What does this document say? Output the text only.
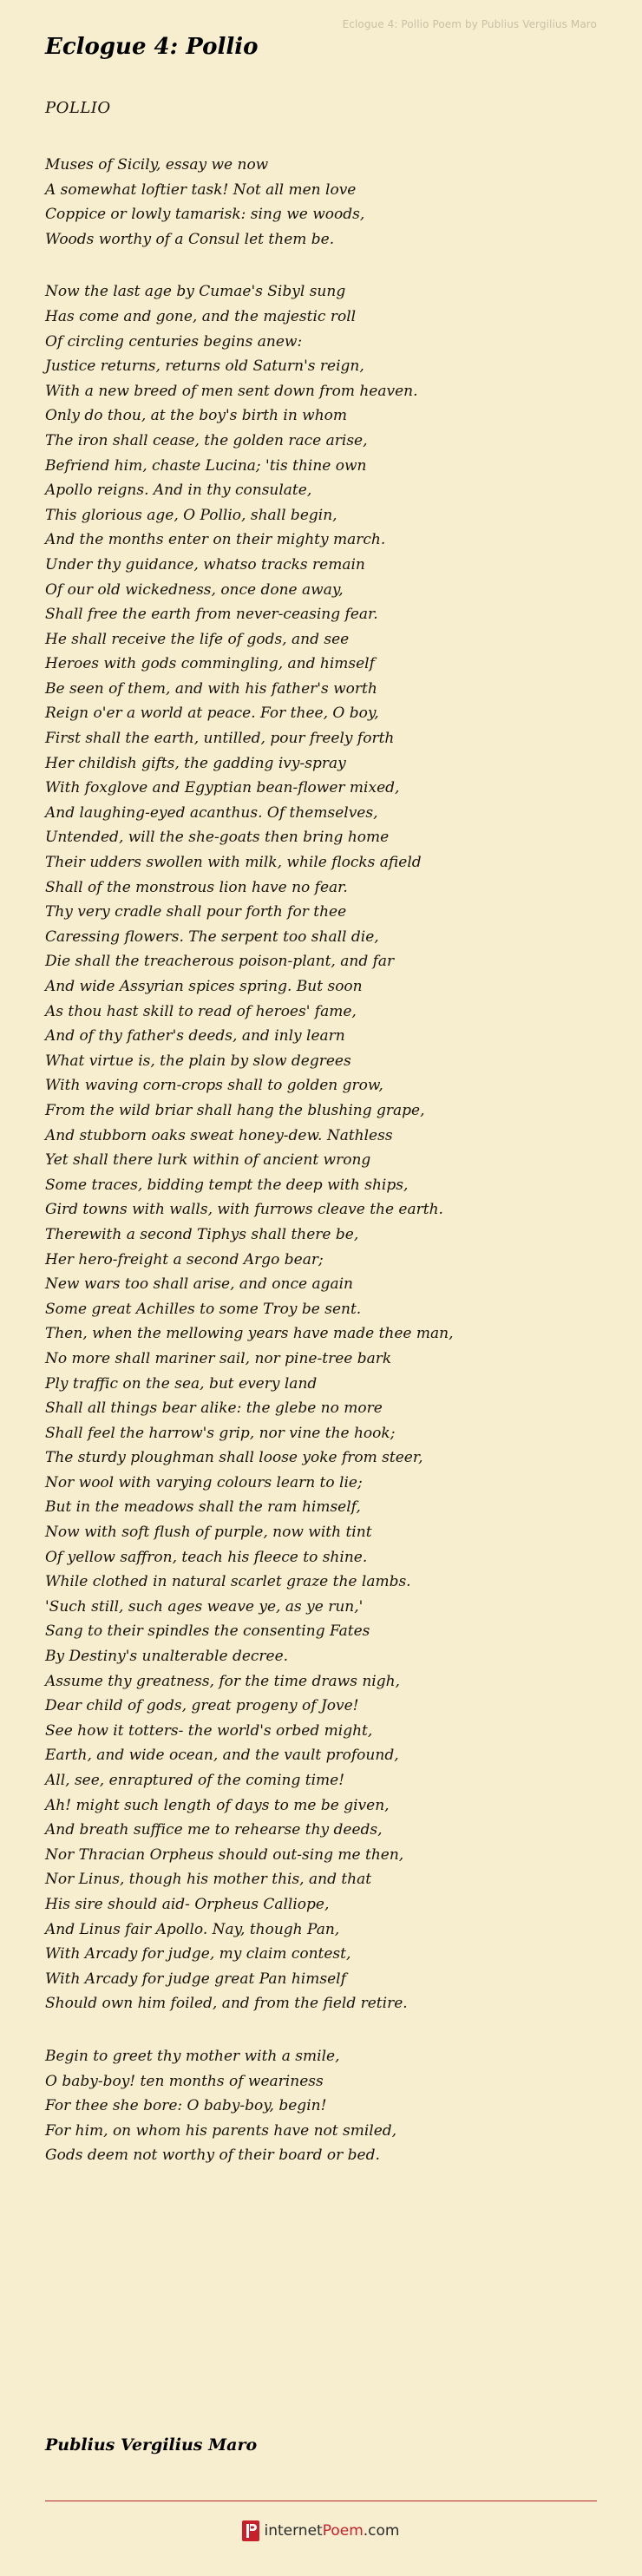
Eclogue 4: Pollio Poem by Publius Vergilius Maro
Eclogue 4: Pollio
POLLIO
Muses of Sicily, essay we now
A somewhat loftier task! Not all men love
Coppice or lowly tamarisk: sing we woods,
Woods worthy of a Consul let them be.
Now the last age by Cumae's Sibyl sung
Has come and gone, and the majestic roll
Of circling centuries begins anew:
Justice returns, returns old Saturn's reign,
With a new breed of men sent down from heaven.
Only do thou, at the boy's birth in whom
The iron shall cease, the golden race arise,
Befriend him, chaste Lucina; 'tis thine own
Apollo reigns. And in thy consulate,
This glorious age, O Pollio, shall begin,
And the months enter on their mighty march.
Under thy guidance, whatso tracks remain
Of our old wickedness, once done away,
Shall free the earth from never-ceasing fear.
He shall receive the life of gods, and see
Heroes with gods commingling, and himself
Be seen of them, and with his father's worth
Reign o'er a world at peace. For thee, O boy,
First shall the earth, untilled, pour freely forth
Her childish gifts, the gadding ivy-spray
With foxglove and Egyptian bean-flower mixed,
And laughing-eyed acanthus. Of themselves,
Untended, will the she-goats then bring home
Their udders swollen with milk, while flocks afield
Shall of the monstrous lion have no fear.
Thy very cradle shall pour forth for thee
Caressing flowers. The serpent too shall die,
Die shall the treacherous poison-plant, and far
And wide Assyrian spices spring. But soon
As thou hast skill to read of heroes' fame,
And of thy father's deeds, and inly learn
What virtue is, the plain by slow degrees
With waving corn-crops shall to golden grow,
From the wild briar shall hang the blushing grape,
And stubborn oaks sweat honey-dew. Nathless
Yet shall there lurk within of ancient wrong
Some traces, bidding tempt the deep with ships,
Gird towns with walls, with furrows cleave the earth.
Therewith a second Tiphys shall there be,
Her hero-freight a second Argo bear;
New wars too shall arise, and once again
Some great Achilles to some Troy be sent.
Then, when the mellowing years have made thee man,
No more shall mariner sail, nor pine-tree bark
Ply traffic on the sea, but every land
Shall all things bear alike: the glebe no more
Shall feel the harrow's grip, nor vine the hook;
The sturdy ploughman shall loose yoke from steer,
Nor wool with varying colours learn to lie;
But in the meadows shall the ram himself,
Now with soft flush of purple, now with tint
Of yellow saffron, teach his fleece to shine.
While clothed in natural scarlet graze the lambs.
'Such still, such ages weave ye, as ye run,'
Sang to their spindles the consenting Fates
By Destiny's unalterable decree.
Assume thy greatness, for the time draws nigh,
Dear child of gods, great progeny of Jove!
See how it totters- the world's orbed might,
Earth, and wide ocean, and the vault profound,
All, see, enraptured of the coming time!
Ah! might such length of days to me be given,
And breath suffice me to rehearse thy deeds,
Nor Thracian Orpheus should out-sing me then,
Nor Linus, though his mother this, and that
His sire should aid- Orpheus Calliope,
And Linus fair Apollo. Nay, though Pan,
With Arcady for judge, my claim contest,
With Arcady for judge great Pan himself
Should own him foiled, and from the field retire.
Begin to greet thy mother with a smile,
O baby-boy! ten months of weariness
For thee she bore: O baby-boy, begin!
For him, on whom his parents have not smiled,
Gods deem not worthy of their board or bed.
Publius Vergilius Maro
internetPoem.com
